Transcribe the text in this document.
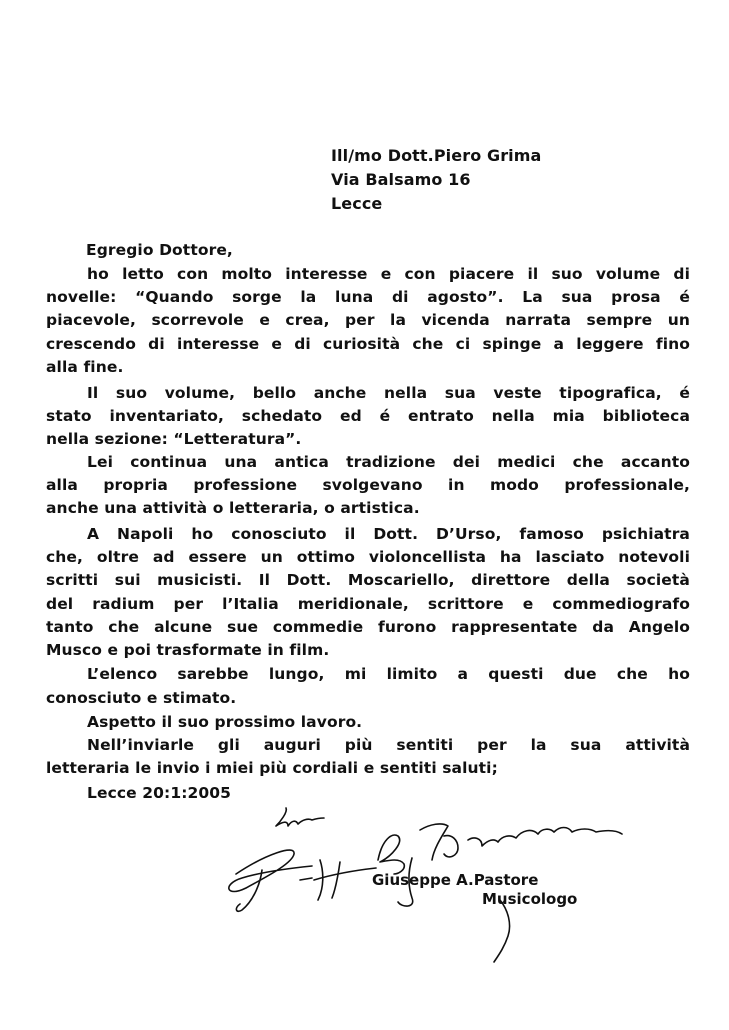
Ill/mo Dott.Piero Grima
Via Balsamo 16
Lecce
Egregio Dottore,
ho letto con molto interesse e con piacere il suo volume di
novelle: “Quando sorge la luna di agosto”. La sua prosa é
piacevole, scorrevole e crea, per la vicenda narrata sempre un
crescendo di interesse e di curiosità che ci spinge a leggere fino
alla fine.
Il suo volume, bello anche nella sua veste tipografica, é
stato inventariato, schedato ed é entrato nella mia biblioteca
nella sezione: “Letteratura”.
Lei continua una antica tradizione dei medici che accanto
alla propria professione svolgevano in modo professionale,
anche una attività o letteraria, o artistica.
A Napoli ho conosciuto il Dott. D’Urso, famoso psichiatra
che, oltre ad essere un ottimo violoncellista ha lasciato notevoli
scritti sui musicisti. Il Dott. Moscariello, direttore della società
del radium per l’Italia meridionale, scrittore e commediografo
tanto che alcune sue commedie furono rappresentate da Angelo
Musco e poi trasformate in film.
L’elenco sarebbe lungo, mi limito a questi due che ho
conosciuto e stimato.
Aspetto il suo prossimo lavoro.
Nell’inviarle gli auguri più sentiti per la sua attività
letteraria le invio i miei più cordiali e sentiti saluti;
Lecce 20:1:2005
Giuseppe A.Pastore
Musicologo
